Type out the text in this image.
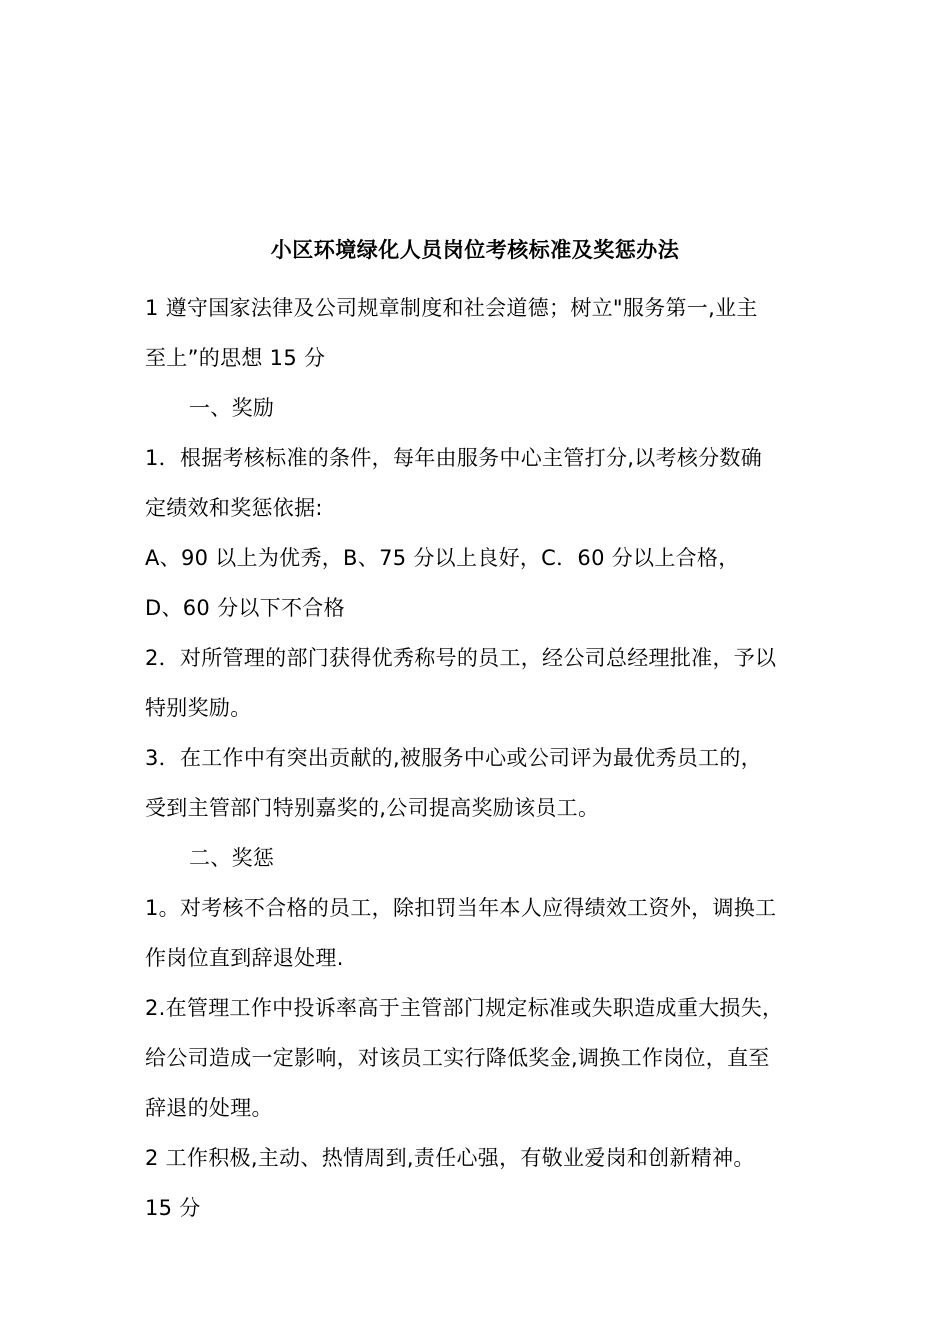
小区环境绿化人员岗位考核标准及奖惩办法
1 遵守国家法律及公司规章制度和社会道德；树立"服务第一,业主
至上”的思想 15 分
一、奖励
1．根据考核标准的条件，每年由服务中心主管打分,以考核分数确
定绩效和奖惩依据:
A、90 以上为优秀，B、75 分以上良好，C．60 分以上合格，
D、60 分以下不合格
2．对所管理的部门获得优秀称号的员工，经公司总经理批准，予以
特别奖励。
3．在工作中有突出贡献的,被服务中心或公司评为最优秀员工的，
受到主管部门特别嘉奖的,公司提高奖励该员工。
二、奖惩
1。对考核不合格的员工，除扣罚当年本人应得绩效工资外，调换工
作岗位直到辞退处理.
2.在管理工作中投诉率高于主管部门规定标准或失职造成重大损失，
给公司造成一定影响，对该员工实行降低奖金,调换工作岗位，直至
辞退的处理。
2 工作积极,主动、热情周到,责任心强，有敬业爱岗和创新精神。
15 分
